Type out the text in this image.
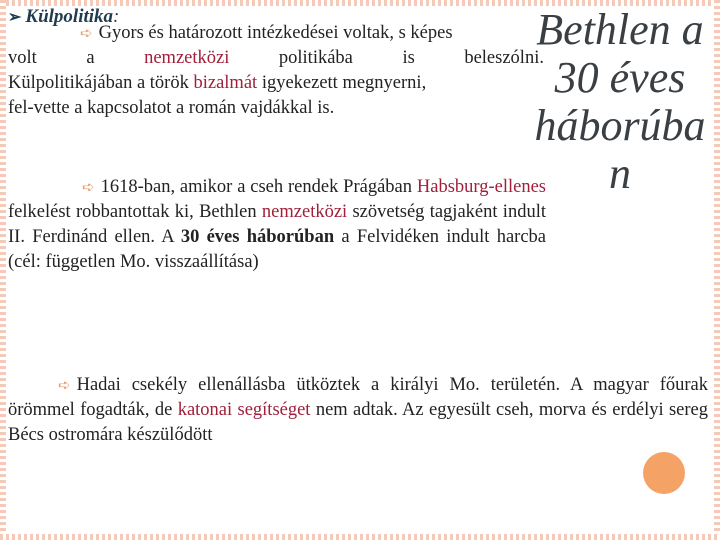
➢ Külpolitika:	Bethlen a
30 éves
háborúba
n
➪ Gyors és határozott intézkedései voltak, s képes
volt	a	nemzetközi	politikába	is	beleszólni.
Külpolitikájában a török bizalmát igyekezett megnyerni,
fel-vette a kapcsolatot a román vajdákkal is.
➪ 1618-ban, amikor a cseh rendek Prágában Habsburg-ellenes felkelést robbantottak ki, Bethlen nemzetközi szövetség tagjaként indult II. Ferdinánd ellen. A 30 éves háborúban a Felvidéken indult harcba (cél: független Mo. visszaállítása)
➪ Hadai csekély ellenállásba ütköztek a királyi Mo. területén. A magyar főurak örömmel fogadták, de katonai segítséget nem adtak. Az egyesült cseh, morva és erdélyi sereg Bécs ostromára készülődött
